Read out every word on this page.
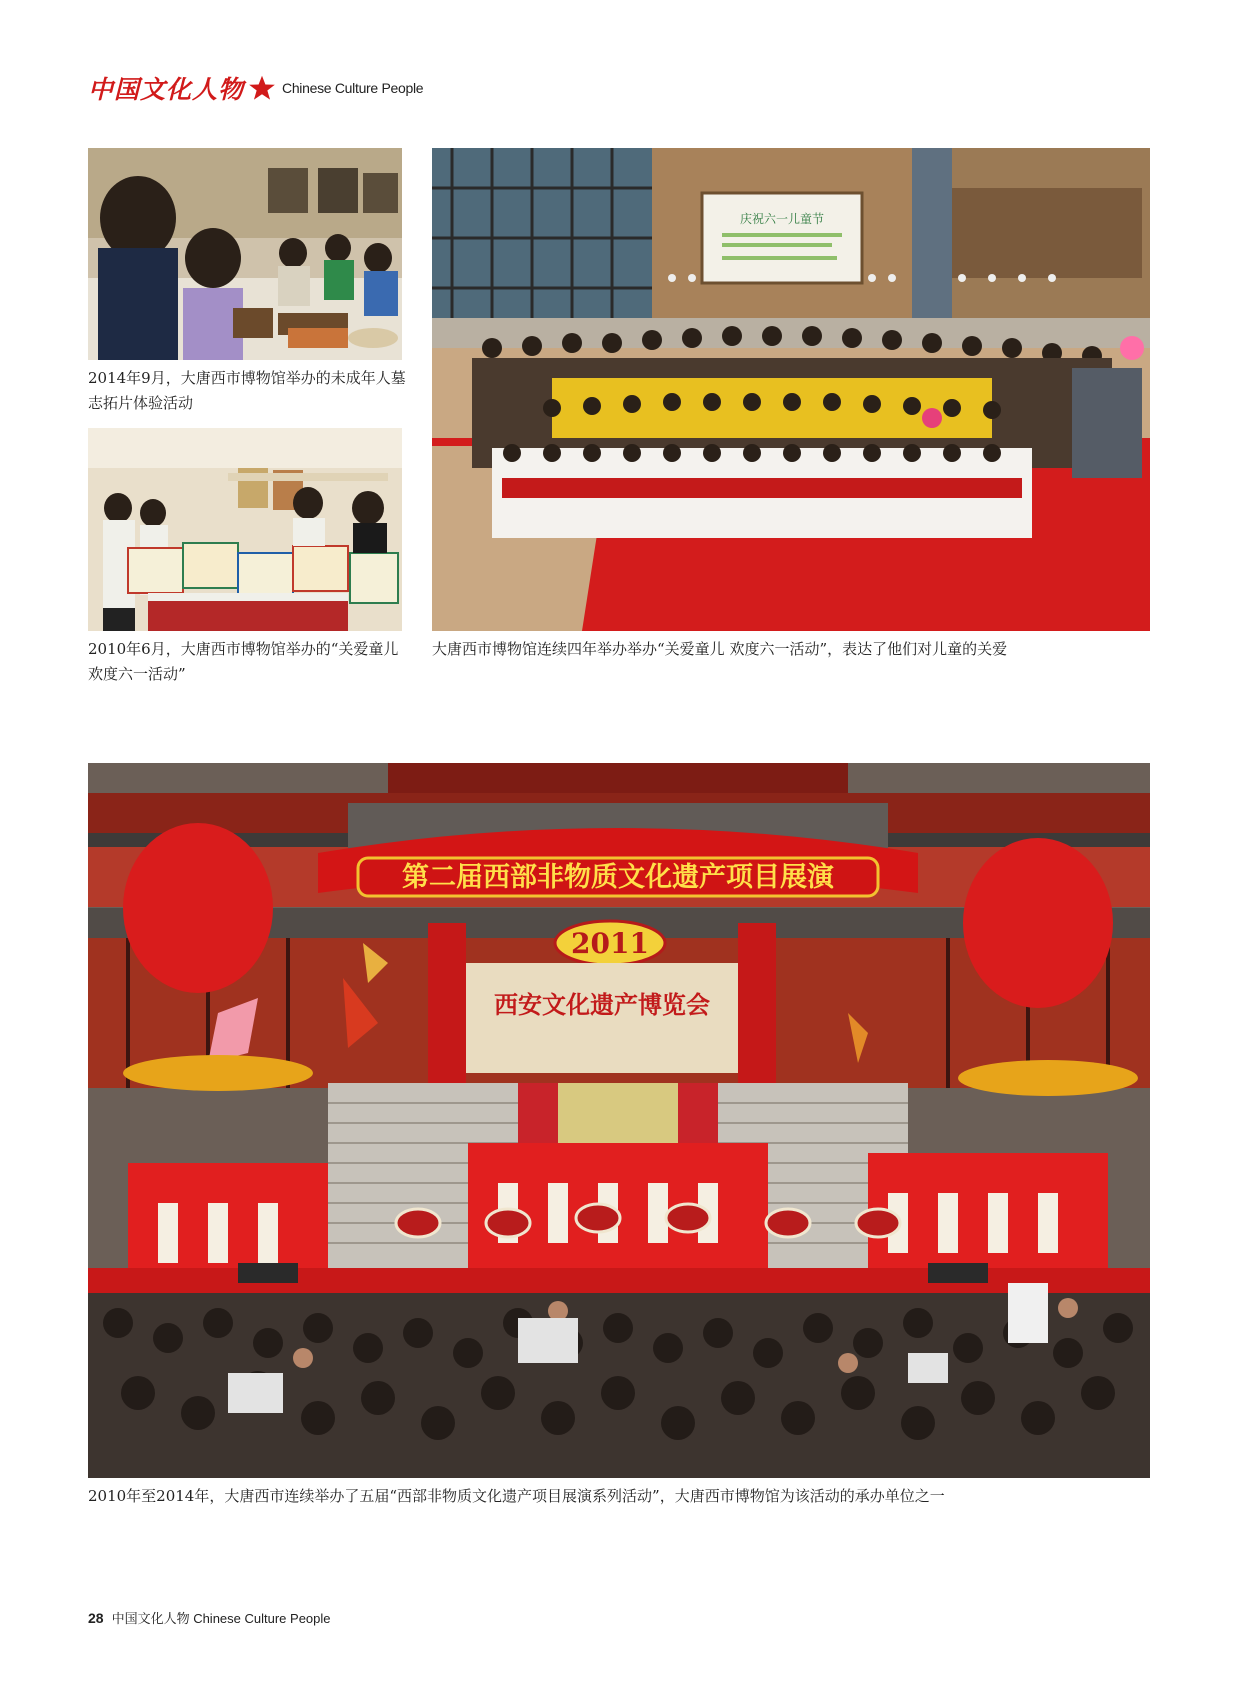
中国文化人物	Chinese Culture People
2014年9月，大唐西市博物馆举办的未成年人墓志拓片体验活动
2010年6月，大唐西市博物馆举办的“关爱童儿 欢度六一活动”
庆祝六一儿童节
大唐西市博物馆连续四年举办举办“关爱童儿 欢度六一活动”，表达了他们对儿童的关爱
第二届西部非物质文化遗产项目展演
2011
西安文化遗产博览会
2010年至2014年，大唐西市连续举办了五届“西部非物质文化遗产项目展演系列活动”，大唐西市博物馆为该活动的承办单位之一
28 中国文化人物 Chinese Culture People
